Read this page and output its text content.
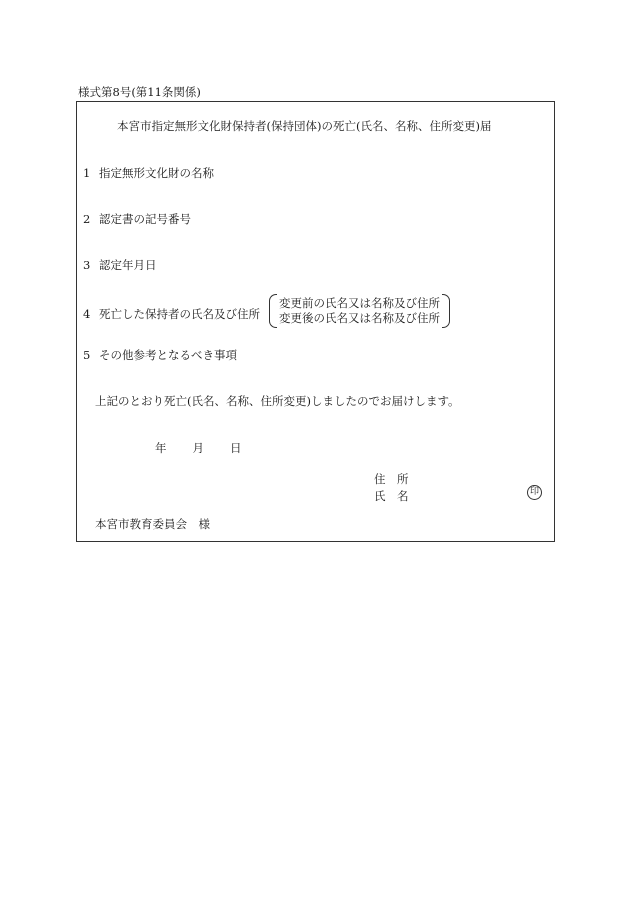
様式第8号(第11条関係)
本宮市指定無形文化財保持者(保持団体)の死亡(氏名、名称、住所変更)届
1 指定無形文化財の名称
2 認定書の記号番号
3 認定年月日
4 死亡した保持者の氏名及び住所
変更前の氏名又は名称及び住所
変更後の氏名又は名称及び住所
5 その他参考となるべき事項
上記のとおり死亡(氏名、名称、住所変更)しましたのでお届けします。
年 月 日
住　所
氏　名	印
本宮市教育委員会　様
